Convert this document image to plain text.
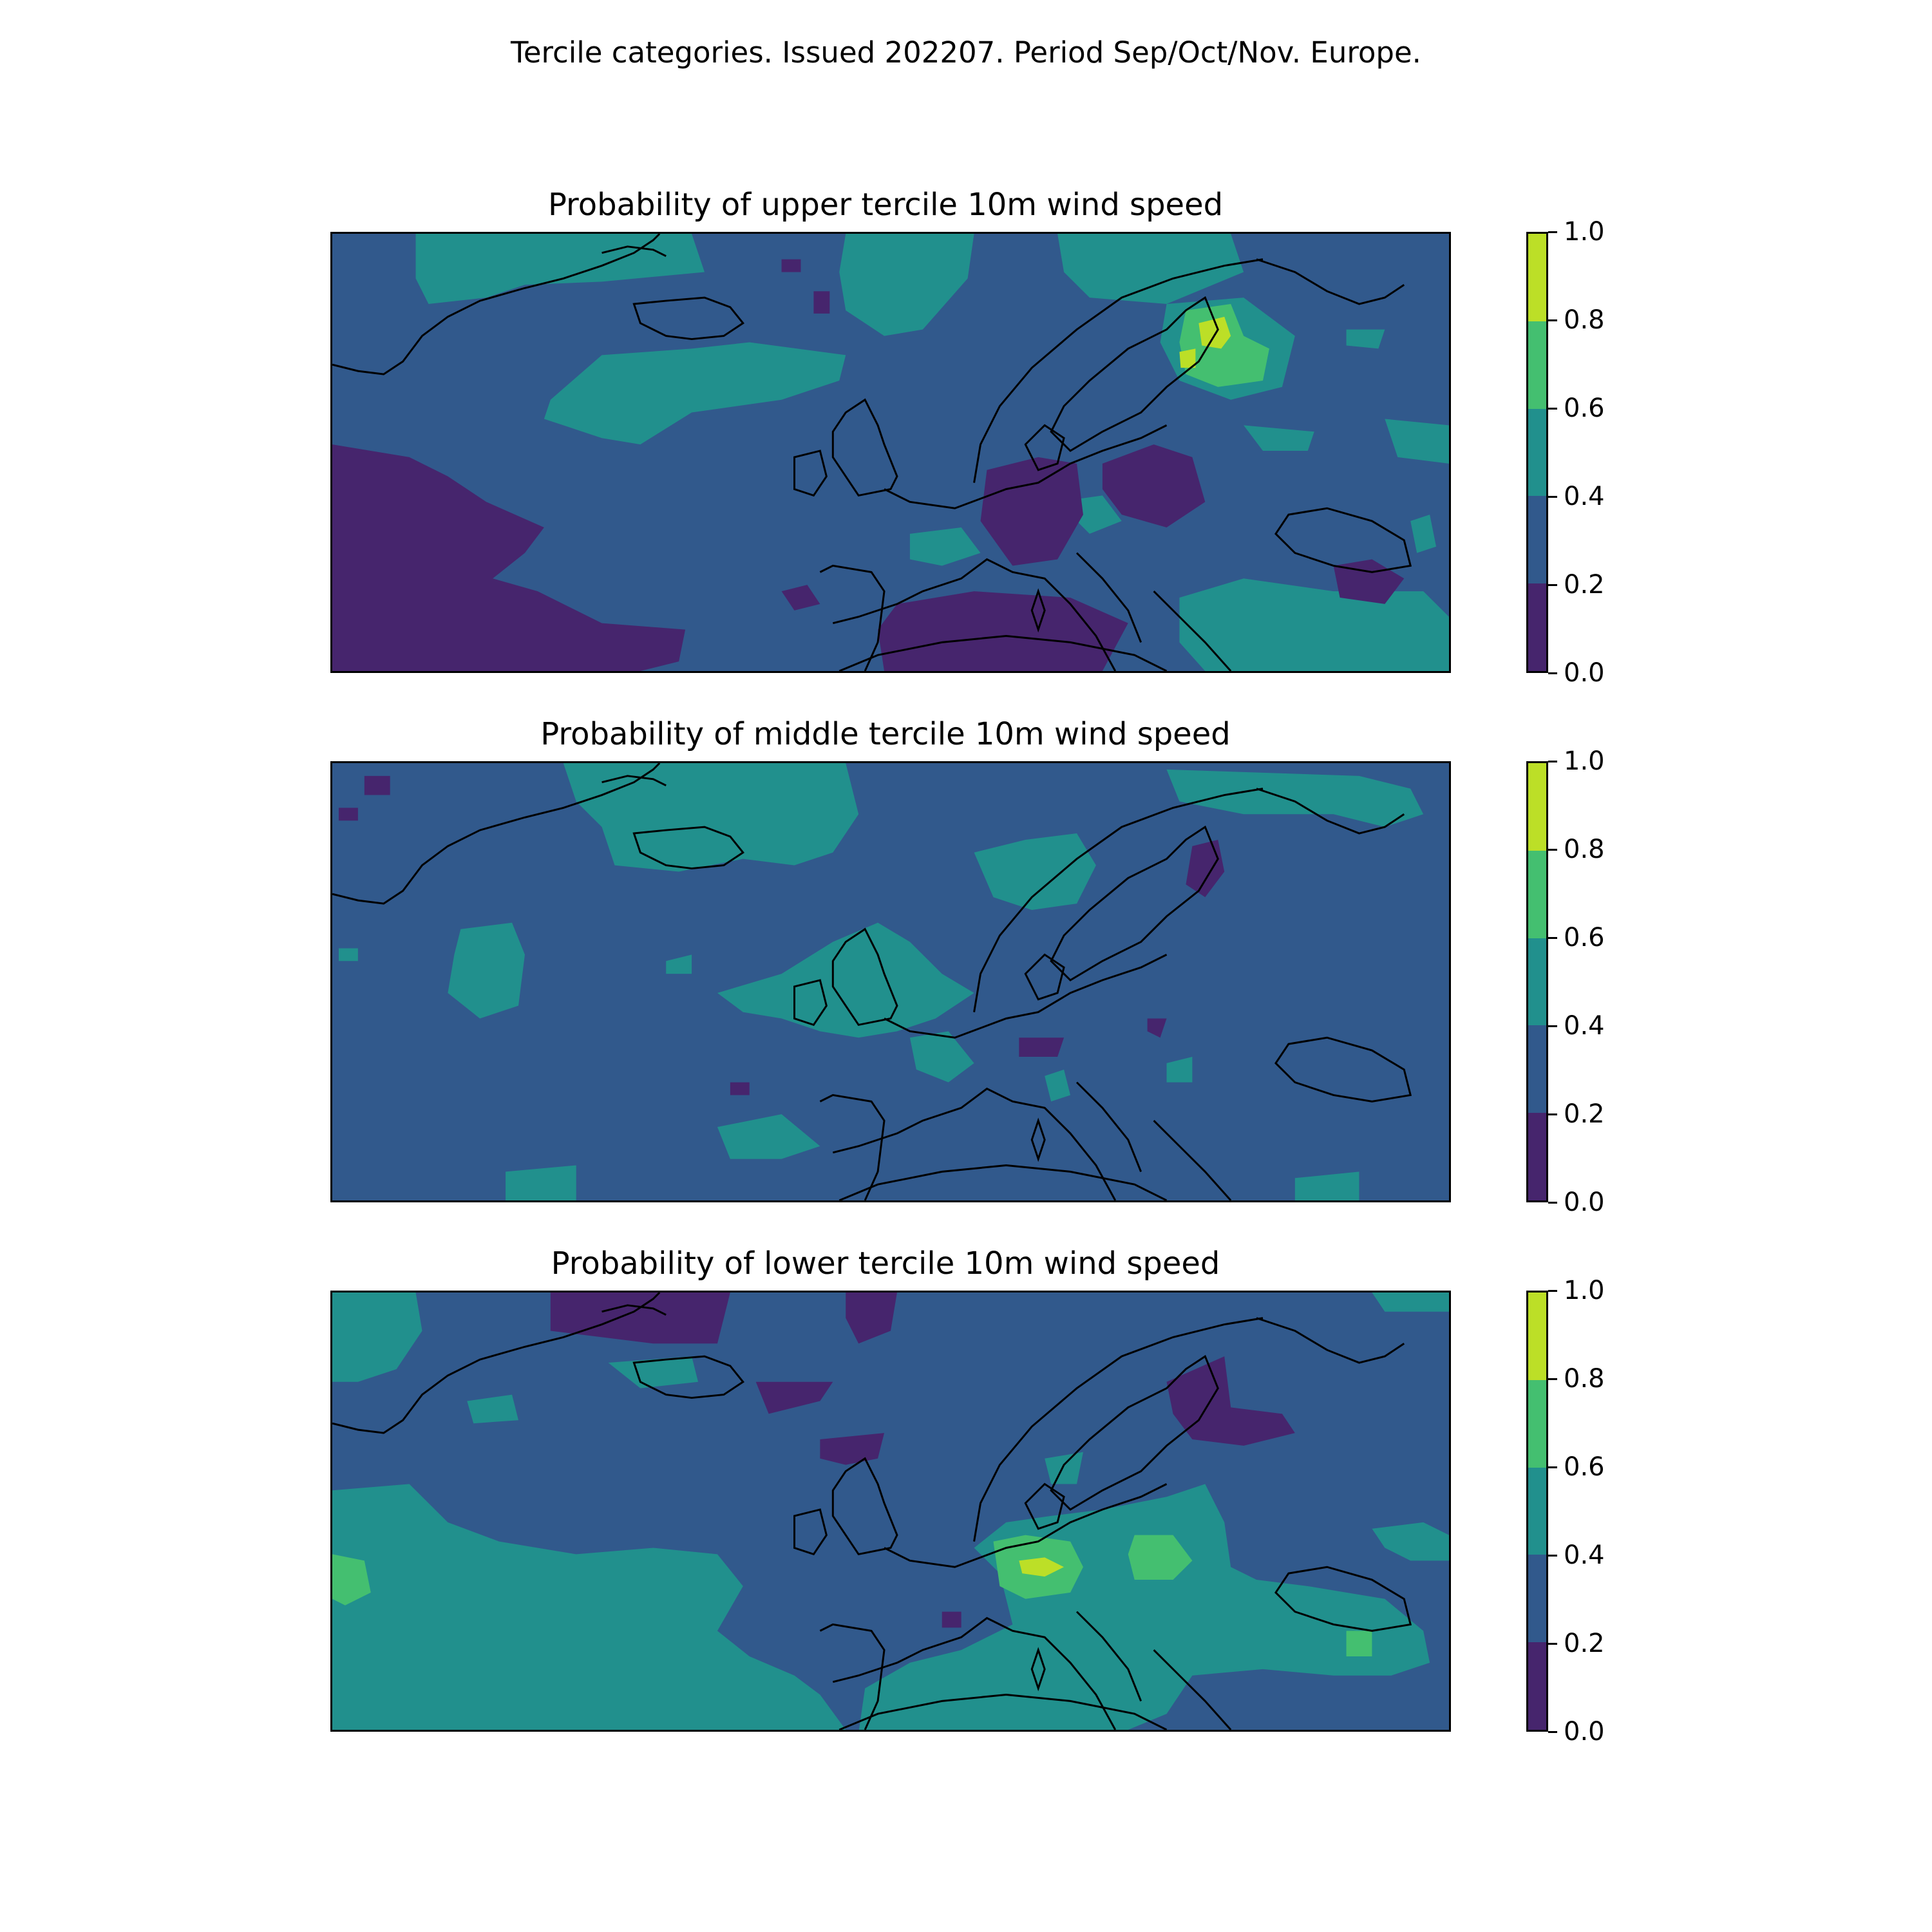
Tercile categories. Issued 202207. Period Sep/Oct/Nov. Europe.
Probability of upper tercile 10m wind speed
1.0
0.8
0.6
0.4
0.2
0.0
Probability of middle tercile 10m wind speed
1.0
0.8
0.6
0.4
0.2
0.0
Probability of lower tercile 10m wind speed
1.0
0.8
0.6
0.4
0.2
0.0
